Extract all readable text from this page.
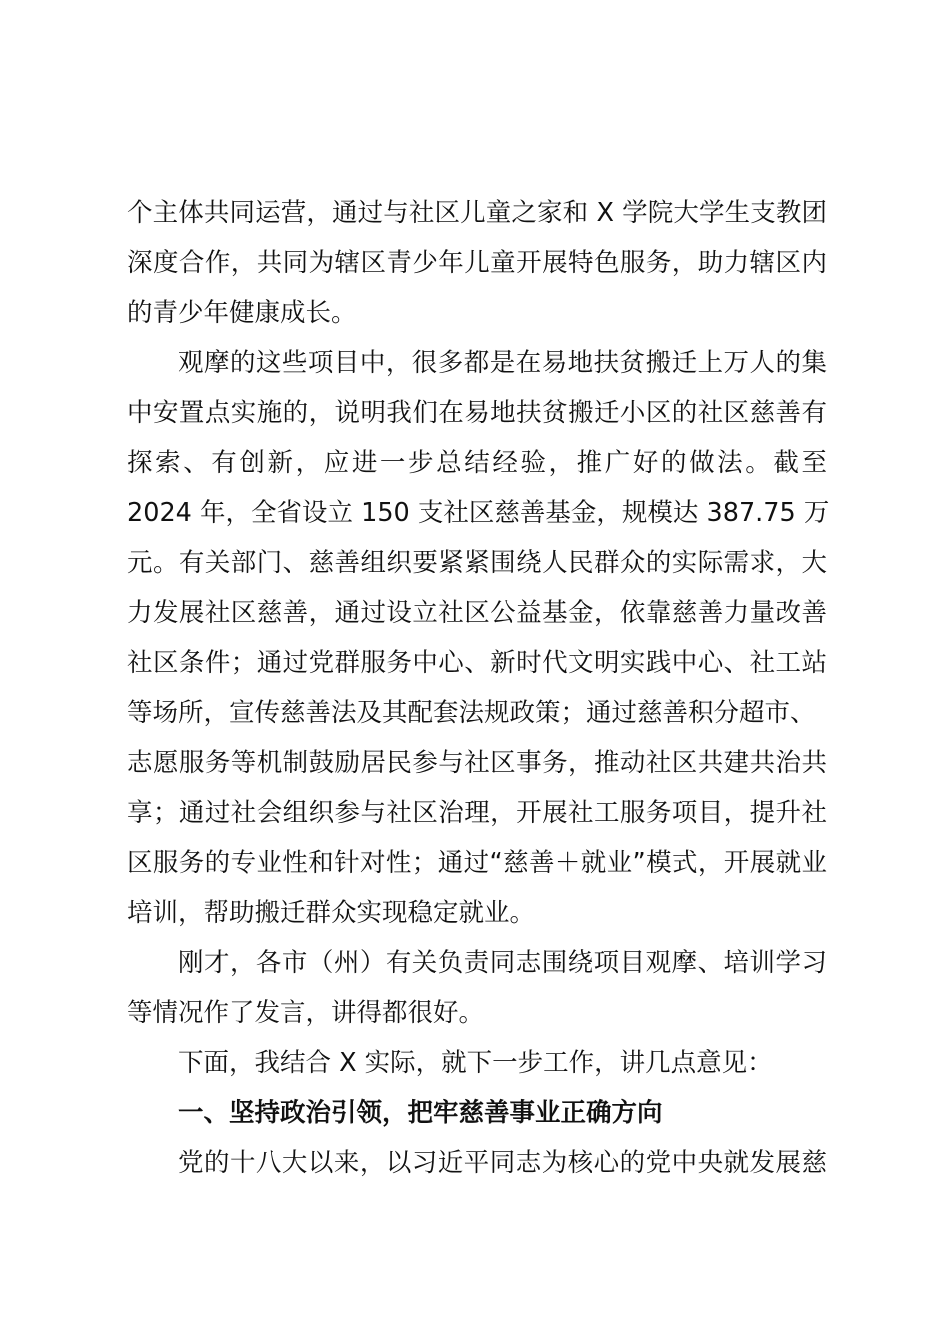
个主体共同运营，通过与社区儿童之家和 X 学院大学生支教团
深度合作，共同为辖区青少年儿童开展特色服务，助力辖区内
的青少年健康成长。
观摩的这些项目中，很多都是在易地扶贫搬迁上万人的集
中安置点实施的，说明我们在易地扶贫搬迁小区的社区慈善有
探索、有创新，应进一步总结经验，推广好的做法。截至
2024 年，全省设立 150 支社区慈善基金，规模达 387.75 万
元。有关部门、慈善组织要紧紧围绕人民群众的实际需求，大
力发展社区慈善，通过设立社区公益基金，依靠慈善力量改善
社区条件；通过党群服务中心、新时代文明实践中心、社工站
等场所，宣传慈善法及其配套法规政策；通过慈善积分超市、
志愿服务等机制鼓励居民参与社区事务，推动社区共建共治共
享；通过社会组织参与社区治理，开展社工服务项目，提升社
区服务的专业性和针对性；通过“慈善＋就业”模式，开展就业
培训，帮助搬迁群众实现稳定就业。
刚才，各市（州）有关负责同志围绕项目观摩、培训学习
等情况作了发言，讲得都很好。
下面，我结合 X 实际，就下一步工作，讲几点意见：
一、坚持政治引领，把牢慈善事业正确方向
党的十八大以来，以习近平同志为核心的党中央就发展慈
